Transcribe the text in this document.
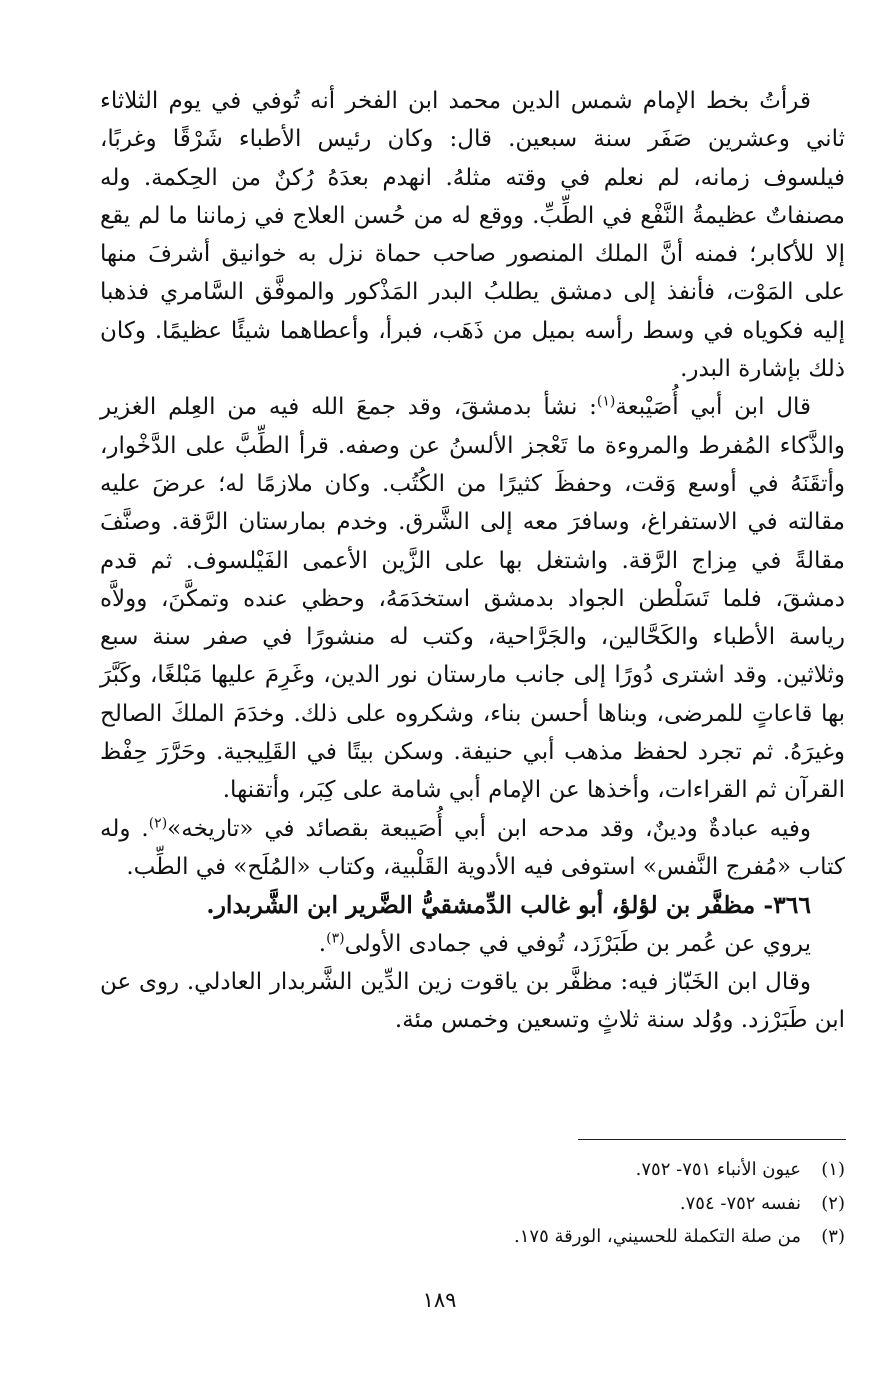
قرأتُ بخط الإمام شمس الدين محمد ابن الفخر أنه تُوفي في يوم الثلاثاء ثاني وعشرين صَفَر سنة سبعين. قال: وكان رئيس الأطباء شَرْقًا وغربًا، فيلسوف زمانه، لم نعلم في وقته مثلهُ. انهدم بعدَهُ رُكنٌ من الحِكمة. وله مصنفاتٌ عظيمةُ النَّفْع في الطِّبِّ. ووقع له من حُسن العلاج في زماننا ما لم يقع إلا للأكابر؛ فمنه أنَّ الملك المنصور صاحب حماة نزل به خوانيق أشرفَ منها على المَوْت، فأنفذ إلى دمشق يطلبُ البدر المَذْكور والموفَّق السَّامري فذهبا إليه فكوياه في وسط رأسه بميل من ذَهَب، فبرأ، وأعطاهما شيئًا عظيمًا. وكان ذلك بإشارة البدر.

قال ابن أبي أُصَيْبعة$^{(١)}$: نشأ بدمشقَ، وقد جمعَ الله فيه من العِلم الغزير والذَّكاء المُفرط والمروءة ما تَعْجز الألسنُ عن وصفه. قرأ الطِّبَّ على الدَّخْوار، وأتقَنَهُ في أوسع وَقت، وحفظَ كثيرًا من الكُتُب. وكان ملازمًا له؛ عرضَ عليه مقالته في الاستفراغ، وسافرَ معه إلى الشَّرق. وخدم بمارستان الرَّقة. وصنَّفَ مقالةً في مِزاج الرَّقة. واشتغل بها على الزَّين الأعمى الفَيْلسوف. ثم قدم دمشقَ، فلما تَسَلْطن الجواد بدمشق استخدَمَهُ، وحظي عنده وتمكَّنَ، وولاَّه رياسة الأطباء والكَحَّالين، والجَرَّاحية، وكتب له منشورًا في صفر سنة سبع وثلاثين. وقد اشترى دُورًا إلى جانب مارستان نور الدين، وغَرِمَ عليها مَبْلغًا، وكَبَّرَ بها قاعاتٍ للمرضى، وبناها أحسن بناء، وشكروه على ذلك. وخدَمَ الملكَ الصالح وغيرَهُ. ثم تجرد لحفظ مذهب أبي حنيفة. وسكن بيتًا في القَلِيجية. وحَرَّرَ حِفْظ القرآن ثم القراءات، وأخذها عن الإمام أبي شامة على كِبَر، وأتقنها.

وفيه عبادةٌ ودينٌ، وقد مدحه ابن أبي أُصَيبعة بقصائد في «تاريخه»$^{(٢)}$. وله كتاب «مُفرج النَّفس» استوفى فيه الأدوية القَلْبية، وكتاب «المُلَح» في الطِّب.

٣٦٦- مظفَّر بن لؤلؤ، أبو غالب الدِّمشقيُّ الضَّرير ابن الشَّربدار.

يروي عن عُمر بن طَبَرْزَد، تُوفي في جمادى الأولى$^{(٣)}$.

وقال ابن الخَبّاز فيه: مظفَّر بن ياقوت زين الدِّين الشَّربدار العادلي. روى عن ابن طَبَرْزد. ووُلد سنة ثلاثٍ وتسعين وخمس مئة.

(١)
عيون الأنباء ٧٥١- ٧٥٢.
(٢)
نفسه ٧٥٢- ٧٥٤.
(٣)
من صلة التكملة للحسيني، الورقة ١٧٥.
١٨٩
